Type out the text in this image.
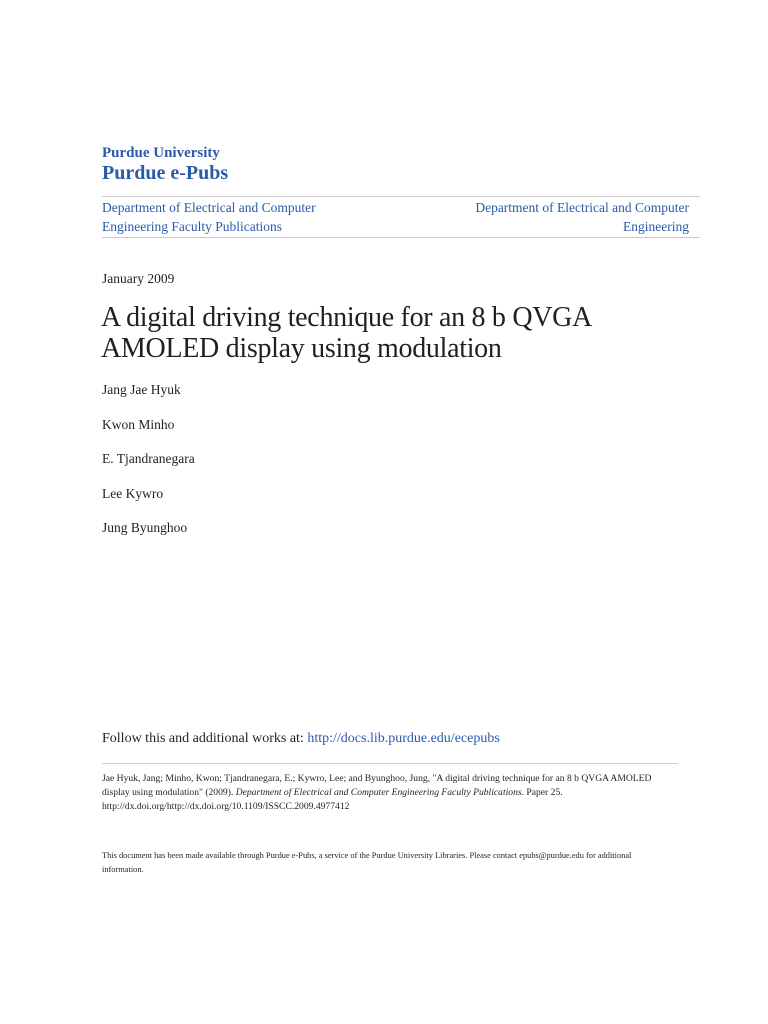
Purdue University
Purdue e-Pubs
Department of Electrical and Computer
Engineering Faculty Publications
Department of Electrical and Computer
Engineering
January 2009
A digital driving technique for an 8 b QVGA
AMOLED display using modulation
Jang Jae Hyuk
Kwon Minho
E. Tjandranegara
Lee Kywro
Jung Byunghoo
Follow this and additional works at: http://docs.lib.purdue.edu/ecepubs
Jae Hyuk, Jang; Minho, Kwon; Tjandranegara, E.; Kywro, Lee; and Byunghoo, Jung, "A digital driving technique for an 8 b QVGA AMOLED display using modulation" (2009). Department of Electrical and Computer Engineering Faculty Publications. Paper 25.
http://dx.doi.org/http://dx.doi.org/10.1109/ISSCC.2009.4977412
This document has been made available through Purdue e-Pubs, a service of the Purdue University Libraries. Please contact epubs@purdue.edu for additional information.
